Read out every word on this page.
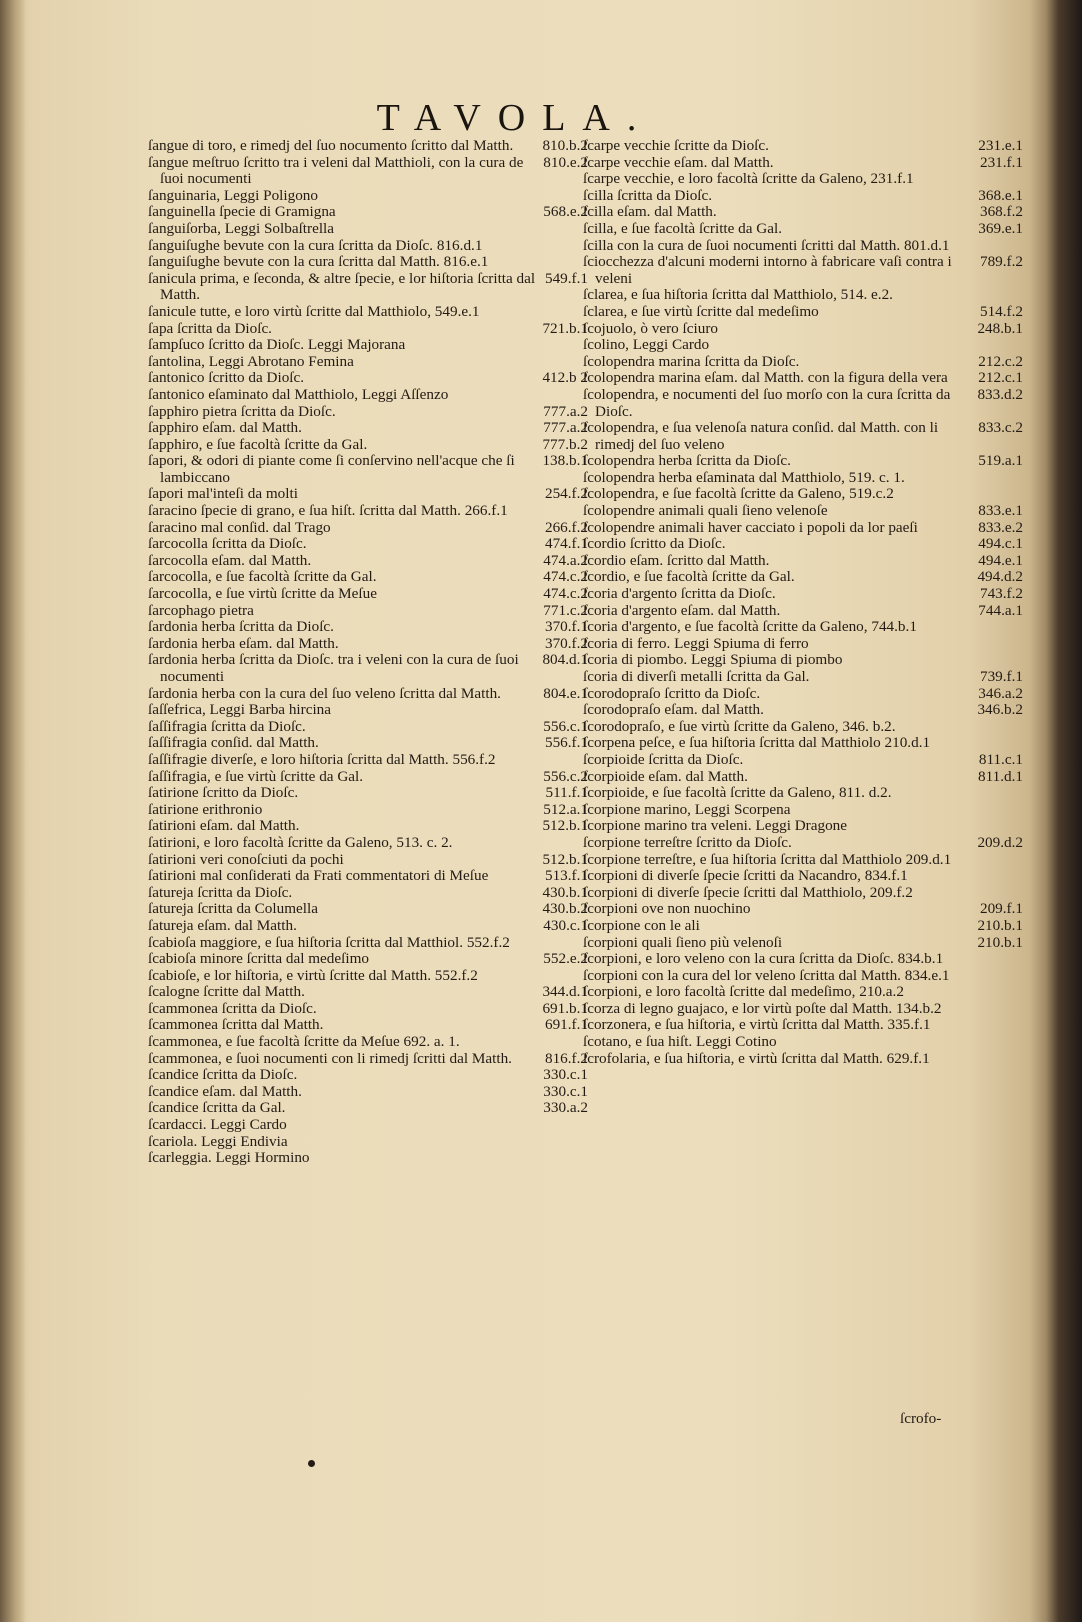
TAVOLA.
810.b.2
ſangue di toro, e rimedj del ſuo nocumento ſcritto dal Matth.
810.e.2
ſangue meſtruo ſcritto tra i veleni dal Matthioli, con la cura de ſuoi nocumenti
ſanguinaria, Leggi Poligono
568.e.2
ſanguinella ſpecie di Gramigna
ſanguiſorba, Leggi Solbaſtrella
ſanguiſughe bevute con la cura ſcritta da Dioſc. 816.d.1
ſanguiſughe bevute con la cura ſcritta dal Matth. 816.e.1
549.f.1
ſanicula prima, e ſeconda, & altre ſpecie, e lor hiſtoria ſcritta dal Matth.
ſanicule tutte, e loro virtù ſcritte dal Matthiolo, 549.e.1
721.b.1
ſapa ſcritta da Dioſc.
ſampſuco ſcritto da Dioſc. Leggi Majorana
ſantolina, Leggi Abrotano Femina
412.b 2
ſantonico ſcritto da Dioſc.
ſantonico eſaminato dal Matthiolo, Leggi Aſſenzo
777.a.2
ſapphiro pietra ſcritta da Dioſc.
777.a.2
ſapphiro eſam. dal Matth.
777.b.2
ſapphiro, e ſue facoltà ſcritte da Gal.
138.b.1
ſapori, & odori di piante come ſi conſervino nell'acque che ſi lambiccano
254.f.2
ſapori mal'inteſi da molti
ſaracino ſpecie di grano, e ſua hiſt. ſcritta dal Matth. 266.f.1
266.f.2
ſaracino mal conſid. dal Trago
474.f.1
ſarcocolla ſcritta da Dioſc.
474.a.2
ſarcocolla eſam. dal Matth.
474.c.2
ſarcocolla, e ſue facoltà ſcritte da Gal.
474.c.2
ſarcocolla, e ſue virtù ſcritte da Meſue
771.c.2
ſarcophago pietra
370.f.1
ſardonia herba ſcritta da Dioſc.
370.f.2
ſardonia herba eſam. dal Matth.
804.d.1
ſardonia herba ſcritta da Dioſc. tra i veleni con la cura de ſuoi nocumenti
804.e.1
ſardonia herba con la cura del ſuo veleno ſcritta dal Matth.
ſaſſefrica, Leggi Barba hircina
556.c.1
ſaſſifragia ſcritta da Dioſc.
556.f.1
ſaſſifragia conſid. dal Matth.
ſaſſifragie diverſe, e loro hiſtoria ſcritta dal Matth. 556.f.2
556.c.2
ſaſſifragia, e ſue virtù ſcritte da Gal.
511.f.1
ſatirione ſcritto da Dioſc.
512.a.1
ſatirione erithronio
512.b.1
ſatirioni eſam. dal Matth.
ſatirioni, e loro facoltà ſcritte da Galeno, 513. c. 2.
512.b.1
ſatirioni veri conoſciuti da pochi
513.f.1
ſatirioni mal conſiderati da Frati commentatori di Meſue
430.b.1
ſatureja ſcritta da Dioſc.
430.b.2
ſatureja ſcritta da Columella
430.c.1
ſatureja eſam. dal Matth.
ſcabioſa maggiore, e ſua hiſtoria ſcritta dal Matthiol. 552.f.2
552.e.2
ſcabioſa minore ſcritta dal medeſimo
ſcabioſe, e lor hiſtoria, e virtù ſcritte dal Matth. 552.f.2
344.d.1
ſcalogne ſcritte dal Matth.
691.b.1
ſcammonea ſcritta da Dioſc.
691.f.1
ſcammonea ſcritta dal Matth.
ſcammonea, e ſue facoltà ſcritte da Meſue 692. a. 1.
816.f.2
ſcammonea, e ſuoi nocumenti con li rimedj ſcritti dal Matth.
330.c.1
ſcandice ſcritta da Dioſc.
330.c.1
ſcandice eſam. dal Matth.
330.a.2
ſcandice ſcritta da Gal.
ſcardacci. Leggi Cardo
ſcariola. Leggi Endivia
ſcarleggia. Leggi Hormino
231.e.1
ſcarpe vecchie ſcritte da Dioſc.
231.f.1
ſcarpe vecchie eſam. dal Matth.
ſcarpe vecchie, e loro facoltà ſcritte da Galeno, 231.f.1
368.e.1
ſcilla ſcritta da Dioſc.
368.f.2
ſcilla eſam. dal Matth.
369.e.1
ſcilla, e ſue facoltà ſcritte da Gal.
ſcilla con la cura de ſuoi nocumenti ſcritti dal Matth. 801.d.1
789.f.2
ſciocchezza d'alcuni moderni intorno à fabricare vaſi contra i veleni
ſclarea, e ſua hiſtoria ſcritta dal Matthiolo, 514. e.2.
514.f.2
ſclarea, e ſue virtù ſcritte dal medeſimo
248.b.1
ſcojuolo, ò vero ſciuro
ſcolino, Leggi Cardo
212.c.2
ſcolopendra marina ſcritta da Dioſc.
212.c.1
ſcolopendra marina eſam. dal Matth. con la figura della vera
833.d.2
ſcolopendra, e nocumenti del ſuo morſo con la cura ſcritta da Dioſc.
833.c.2
ſcolopendra, e ſua velenoſa natura conſid. dal Matth. con li rimedj del ſuo veleno
519.a.1
ſcolopendra herba ſcritta da Dioſc.
ſcolopendra herba eſaminata dal Matthiolo, 519. c. 1.
ſcolopendra, e ſue facoltà ſcritte da Galeno, 519.c.2
833.e.1
ſcolopendre animali quali ſieno velenoſe
833.e.2
ſcolopendre animali haver cacciato i popoli da lor paeſi
494.c.1
ſcordio ſcritto da Dioſc.
494.e.1
ſcordio eſam. ſcritto dal Matth.
494.d.2
ſcordio, e ſue facoltà ſcritte da Gal.
743.f.2
ſcoria d'argento ſcritta da Dioſc.
744.a.1
ſcoria d'argento eſam. dal Matth.
ſcoria d'argento, e ſue facoltà ſcritte da Galeno, 744.b.1
ſcoria di ferro. Leggi Spiuma di ferro
ſcoria di piombo. Leggi Spiuma di piombo
739.f.1
ſcoria di diverſi metalli ſcritta da Gal.
346.a.2
ſcorodopraſo ſcritto da Dioſc.
346.b.2
ſcorodopraſo eſam. dal Matth.
ſcorodopraſo, e ſue virtù ſcritte da Galeno, 346. b.2.
ſcorpena peſce, e ſua hiſtoria ſcritta dal Matthiolo 210.d.1
811.c.1
ſcorpioide ſcritta da Dioſc.
811.d.1
ſcorpioide eſam. dal Matth.
ſcorpioide, e ſue facoltà ſcritte da Galeno, 811. d.2.
ſcorpione marino, Leggi Scorpena
ſcorpione marino tra veleni. Leggi Dragone
209.d.2
ſcorpione terreſtre ſcritto da Dioſc.
ſcorpione terreſtre, e ſua hiſtoria ſcritta dal Matthiolo 209.d.1
ſcorpioni di diverſe ſpecie ſcritti da Nacandro, 834.f.1
ſcorpioni di diverſe ſpecie ſcritti dal Matthiolo, 209.f.2
209.f.1
ſcorpioni ove non nuochino
210.b.1
ſcorpione con le ali
210.b.1
ſcorpioni quali ſieno più velenoſi
ſcorpioni, e loro veleno con la cura ſcritta da Dioſc. 834.b.1
ſcorpioni con la cura del lor veleno ſcritta dal Matth. 834.e.1
ſcorpioni, e loro facoltà ſcritte dal medeſimo, 210.a.2
ſcorza di legno guajaco, e lor virtù poſte dal Matth. 134.b.2
ſcorzonera, e ſua hiſtoria, e virtù ſcritta dal Matth. 335.f.1
ſcotano, e ſua hiſt. Leggi Cotino
ſcrofolaria, e ſua hiſtoria, e virtù ſcritta dal Matth. 629.f.1
ſcrofo-
